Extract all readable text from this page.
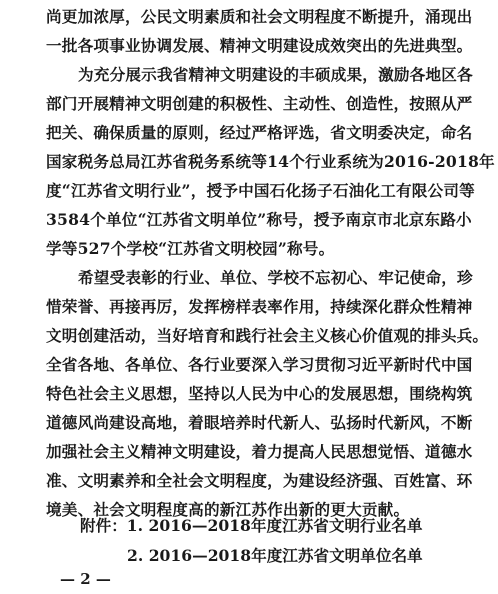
尚更加浓厚，公民文明素质和社会文明程度不断提升，涌现出
一批各项事业协调发展、精神文明建设成效突出的先进典型。
为充分展示我省精神文明建设的丰硕成果，激励各地区各
部门开展精神文明创建的积极性、主动性、创造性，按照从严
把关、确保质量的原则，经过严格评选，省文明委决定，命名
国家税务总局江苏省税务系统等14个行业系统为2016-2018年
度“江苏省文明行业”，授予中国石化扬子石油化工有限公司等
3584个单位“江苏省文明单位”称号，授予南京市北京东路小
学等527个学校“江苏省文明校园”称号。
希望受表彰的行业、单位、学校不忘初心、牢记使命，珍
惜荣誉、再接再厉，发挥榜样表率作用，持续深化群众性精神
文明创建活动，当好培育和践行社会主义核心价值观的排头兵。
全省各地、各单位、各行业要深入学习贯彻习近平新时代中国
特色社会主义思想，坚持以人民为中心的发展思想，围绕构筑
道德风尚建设高地，着眼培养时代新人、弘扬时代新风，不断
加强社会主义精神文明建设，着力提高人民思想觉悟、道德水
准、文明素养和全社会文明程度，为建设经济强、百姓富、环
境美、社会文明程度高的新江苏作出新的更大贡献。
附件：1. 2016—2018年度江苏省文明行业名单
2. 2016—2018年度江苏省文明单位名单
— 2 —
